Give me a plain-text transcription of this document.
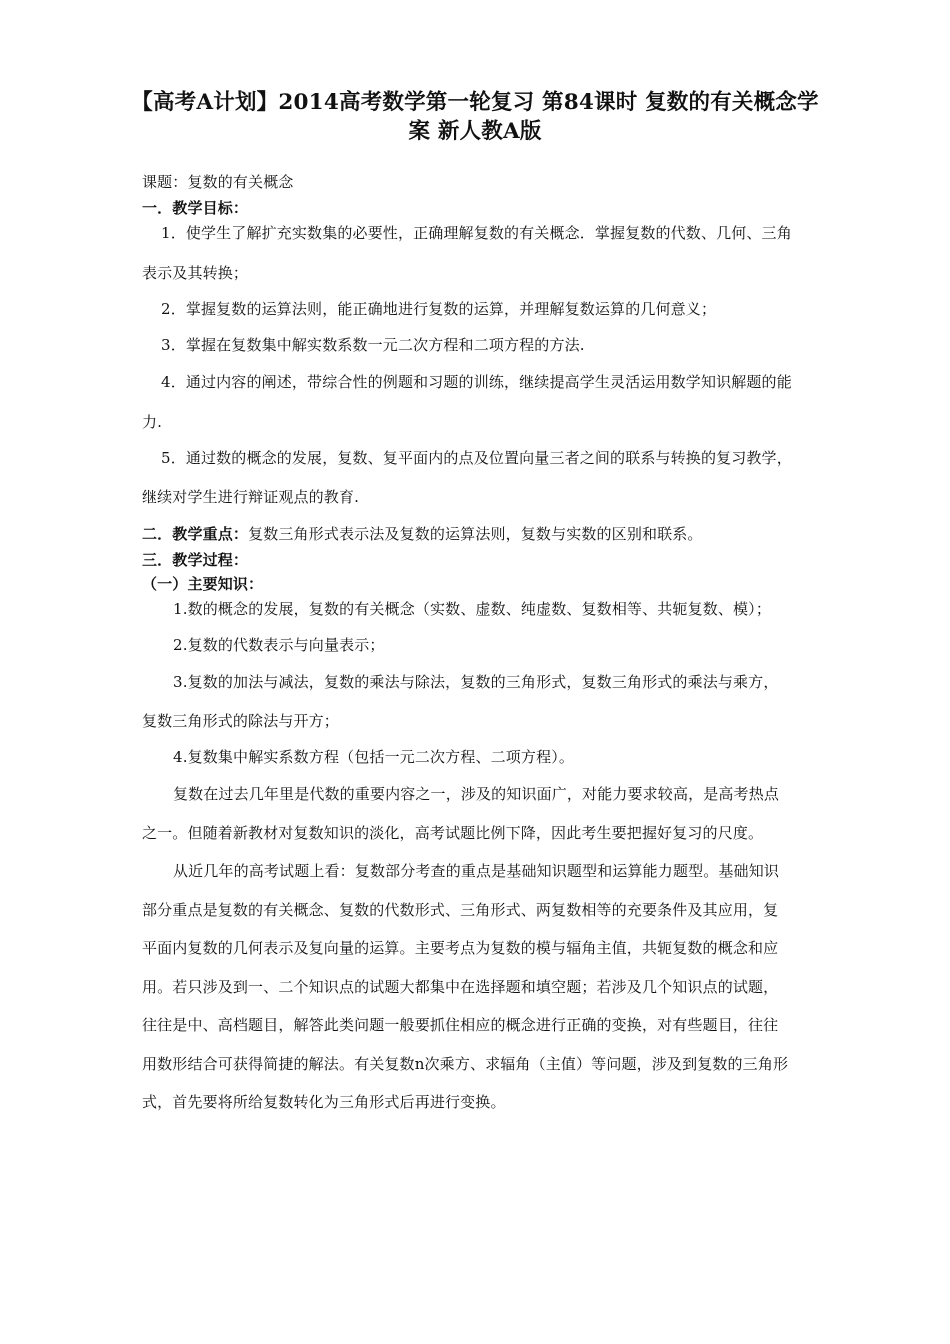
【高考A计划】2014高考数学第一轮复习 第84课时 复数的有关概念学
案 新人教A版
课题：复数的有关概念
一．教学目标：
1．使学生了解扩充实数集的必要性，正确理解复数的有关概念．掌握复数的代数、几何、三角
表示及其转换；
2．掌握复数的运算法则，能正确地进行复数的运算，并理解复数运算的几何意义；
3．掌握在复数集中解实数系数一元二次方程和二项方程的方法.
4．通过内容的阐述，带综合性的例题和习题的训练，继续提高学生灵活运用数学知识解题的能
力.
5．通过数的概念的发展，复数、复平面内的点及位置向量三者之间的联系与转换的复习教学，
继续对学生进行辩证观点的教育.
二．教学重点：复数三角形式表示法及复数的运算法则，复数与实数的区别和联系。
三．教学过程：
（一）主要知识：
1.数的概念的发展，复数的有关概念（实数、虚数、纯虚数、复数相等、共轭复数、模）；
2.复数的代数表示与向量表示；
3.复数的加法与减法，复数的乘法与除法，复数的三角形式，复数三角形式的乘法与乘方，
复数三角形式的除法与开方；
4.复数集中解实系数方程（包括一元二次方程、二项方程）。
复数在过去几年里是代数的重要内容之一，涉及的知识面广，对能力要求较高，是高考热点
之一。但随着新教材对复数知识的淡化，高考试题比例下降，因此考生要把握好复习的尺度。
从近几年的高考试题上看：复数部分考查的重点是基础知识题型和运算能力题型。基础知识
部分重点是复数的有关概念、复数的代数形式、三角形式、两复数相等的充要条件及其应用，复
平面内复数的几何表示及复向量的运算。主要考点为复数的模与辐角主值，共轭复数的概念和应
用。若只涉及到一、二个知识点的试题大都集中在选择题和填空题；若涉及几个知识点的试题，
往往是中、高档题目，解答此类问题一般要抓住相应的概念进行正确的变换，对有些题目，往往
用数形结合可获得简捷的解法。有关复数n次乘方、求辐角（主值）等问题，涉及到复数的三角形
式，首先要将所给复数转化为三角形式后再进行变换。
